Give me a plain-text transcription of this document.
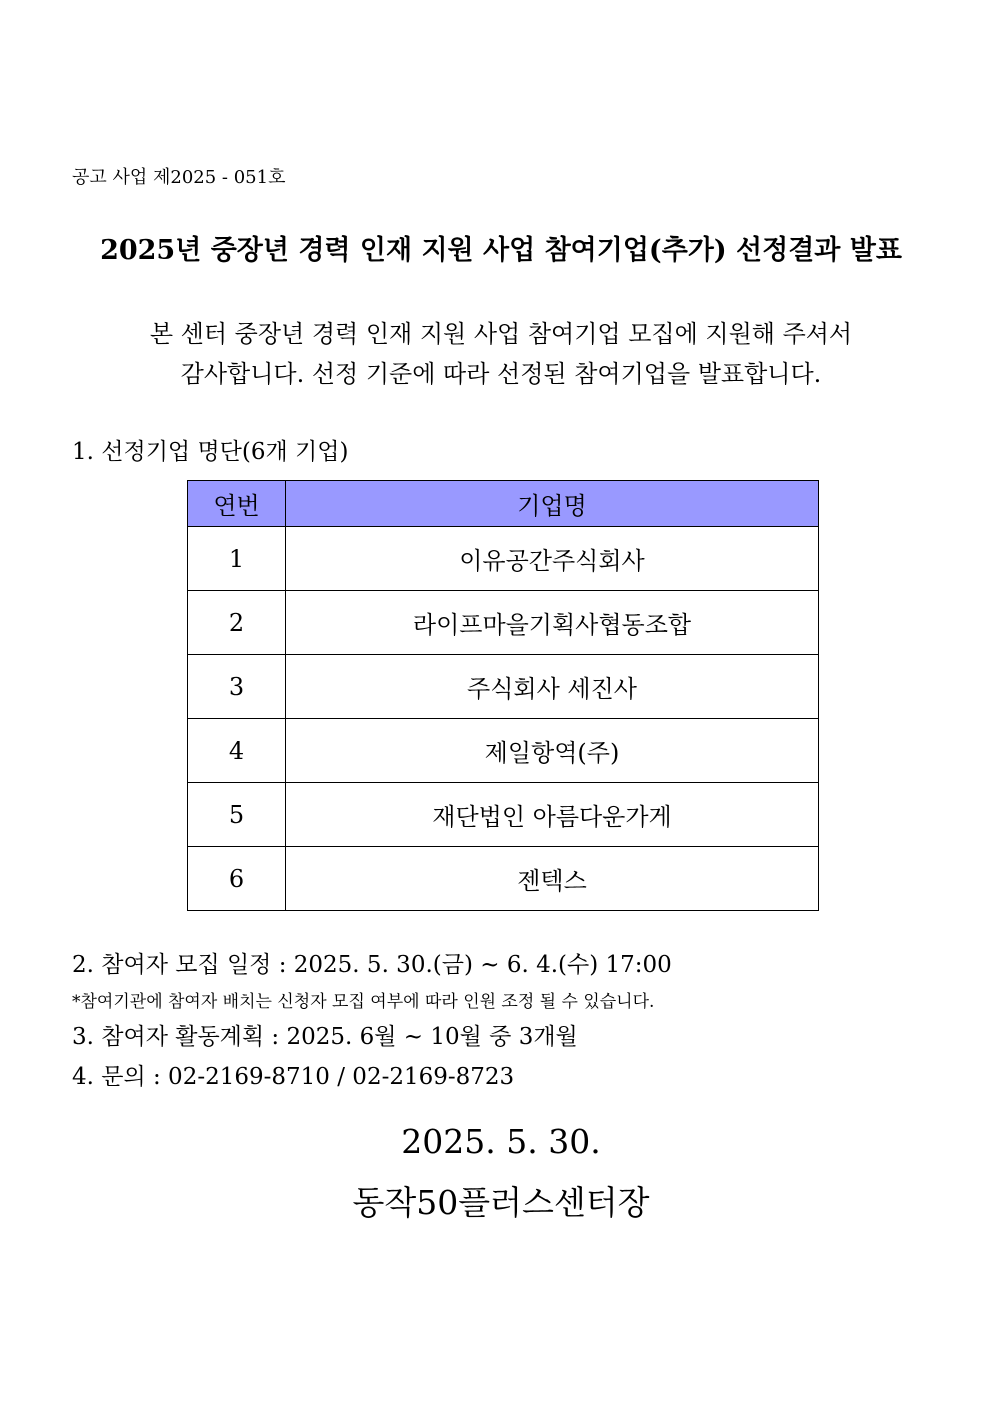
공고 사업 제2025 - 051호
2025년 중장년 경력 인재 지원 사업 참여기업(추가) 선정결과 발표
본 센터 중장년 경력 인재 지원 사업 참여기업 모집에 지원해 주셔서
감사합니다. 선정 기준에 따라 선정된 참여기업을 발표합니다.
1. 선정기업 명단(6개 기업)
연번	기업명
1	이유공간주식회사
2	라이프마을기획사협동조합
3	주식회사 세진사
4	제일항역(주)
5	재단법인 아름다운가게
6	젠텍스
2. 참여자 모집 일정 : 2025. 5. 30.(금) ~ 6. 4.(수) 17:00
*참여기관에 참여자 배치는 신청자 모집 여부에 따라 인원 조정 될 수 있습니다.
3. 참여자 활동계획 : 2025. 6월 ~ 10월 중 3개월
4. 문의 : 02-2169-8710 / 02-2169-8723
2025. 5. 30.
동작50플러스센터장
